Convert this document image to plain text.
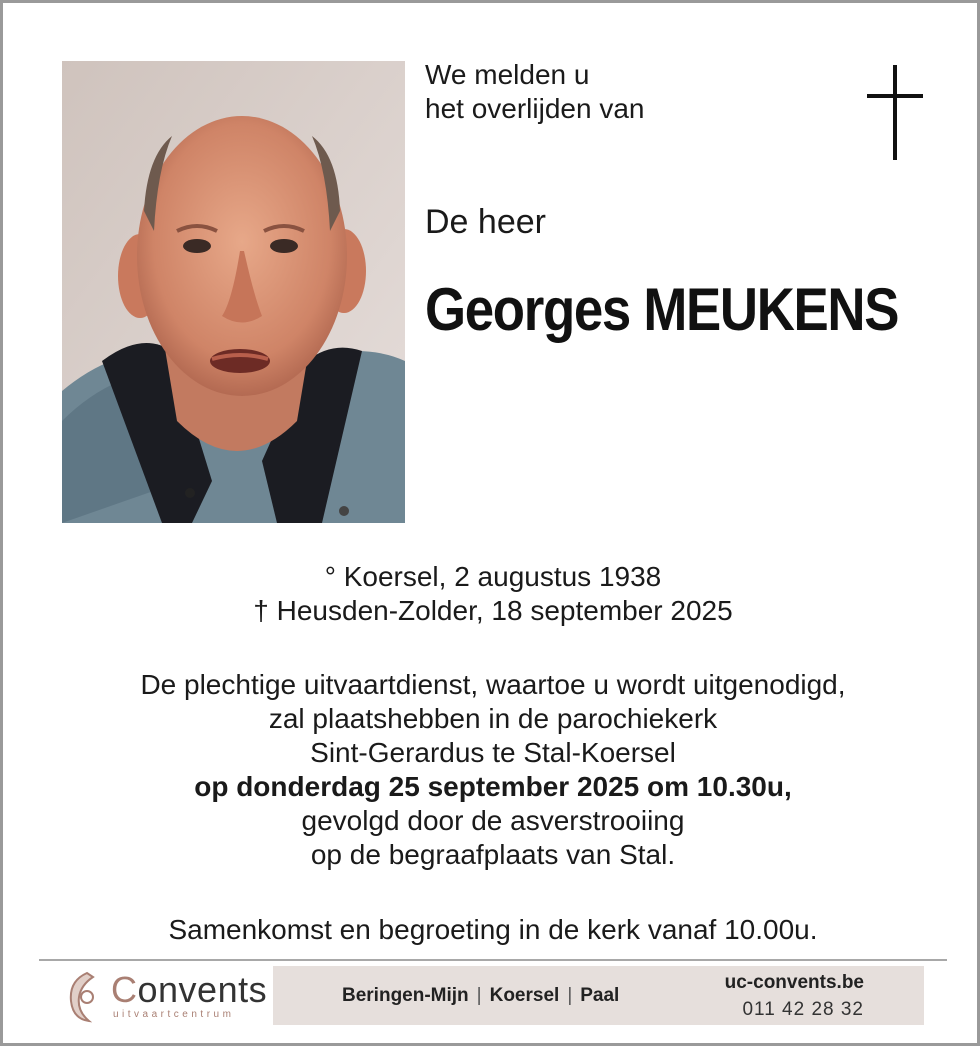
We melden u
het overlijden van
De heer
Georges MEUKENS
° Koersel, 2 augustus 1938
† Heusden-Zolder, 18 september 2025
De plechtige uitvaartdienst, waartoe u wordt uitgenodigd,
zal plaatshebben in de parochiekerk
Sint-Gerardus te Stal-Koersel
op donderdag 25 september 2025 om 10.30u,
gevolgd door de asverstrooiing
op de begraafplaats van Stal.
Samenkomst en begroeting in de kerk vanaf 10.00u.
Convents
uitvaartcentrum
Beringen-Mijn | Koersel | Paal
uc-convents.be
011 42 28 32
